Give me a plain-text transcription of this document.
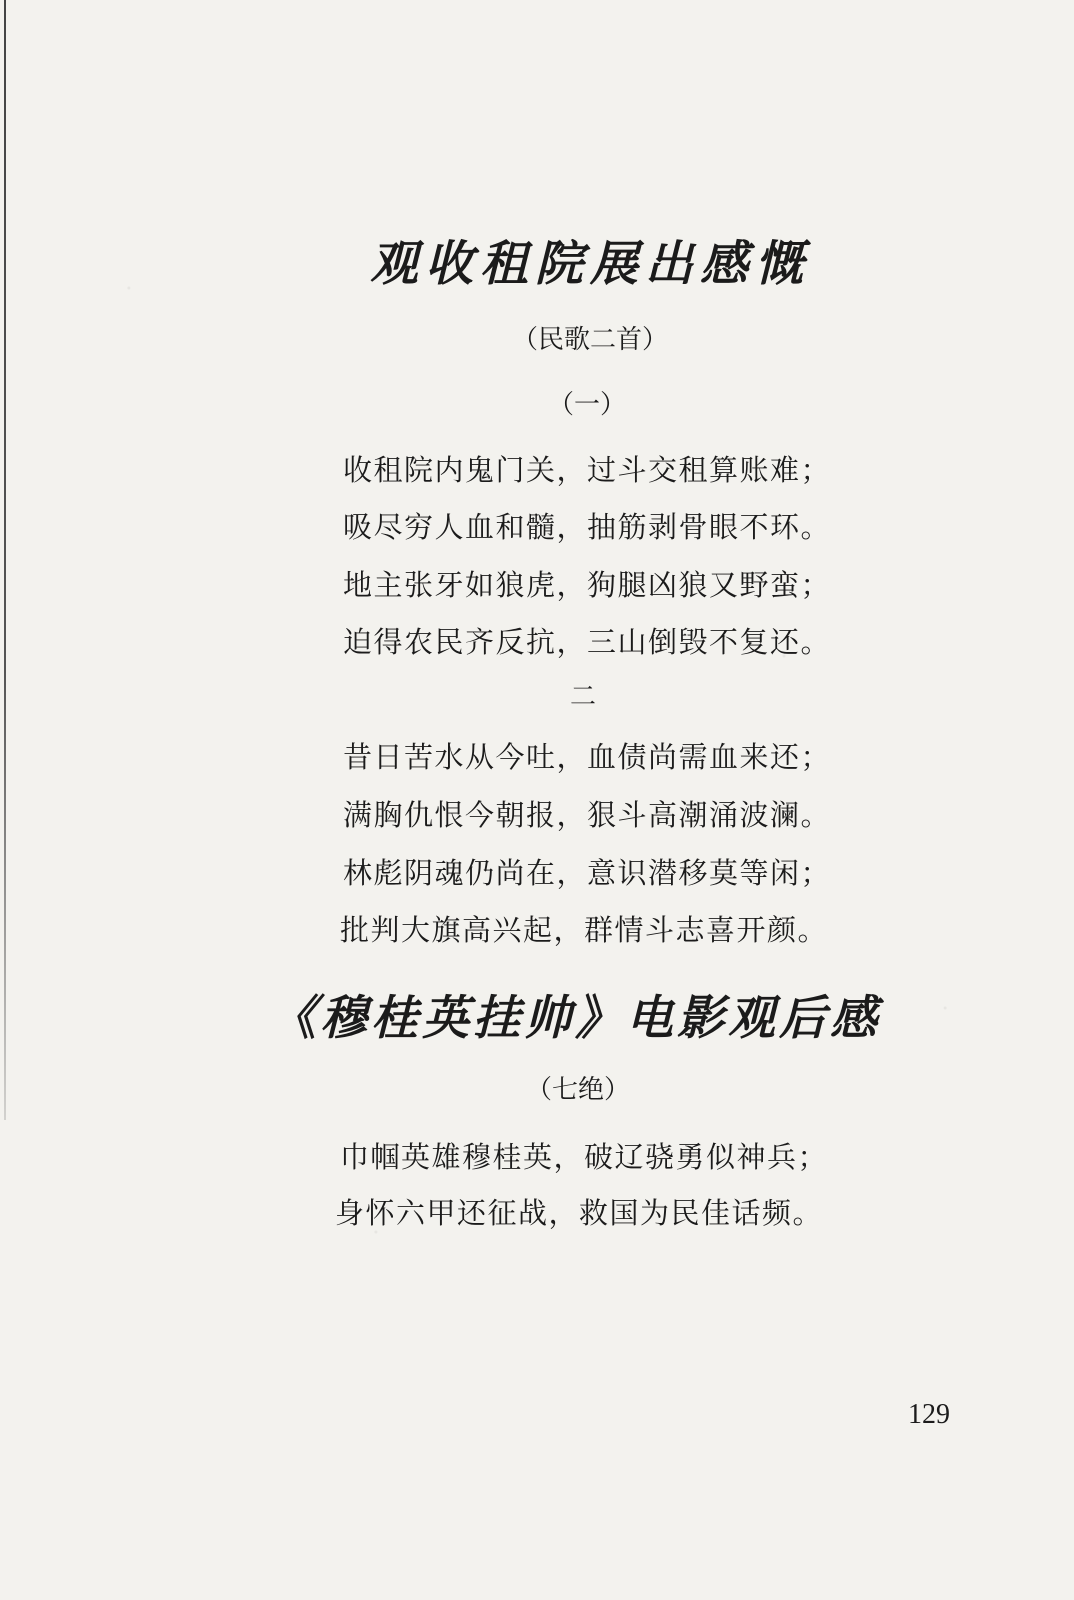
观收租院展出感慨
（民歌二首）
（一）
收租院内鬼门关，过斗交租算账难；
吸尽穷人血和髓，抽筋剥骨眼不环。
地主张牙如狼虎，狗腿凶狼又野蛮；
迫得农民齐反抗，三山倒毁不复还。
二
昔日苦水从今吐，血债尚需血来还；
满胸仇恨今朝报，狠斗高潮涌波澜。
林彪阴魂仍尚在，意识潜移莫等闲；
批判大旗高兴起，群情斗志喜开颜。
《穆桂英挂帅》电影观后感
（七绝）
巾帼英雄穆桂英，破辽骁勇似神兵；
身怀六甲还征战，救国为民佳话频。
129
